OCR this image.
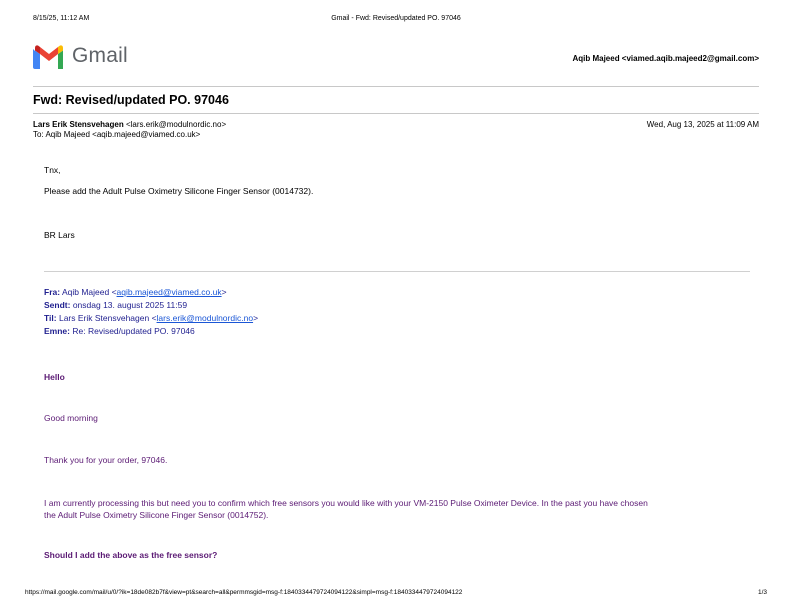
8/15/25, 11:12 AM	Gmail - Fwd: Revised/updated PO. 97046
Gmail	Aqib Majeed <viamed.aqib.majeed2@gmail.com>
Fwd: Revised/updated PO. 97046
Lars Erik Stensvehagen <lars.erik@modulnordic.no>
To: Aqib Majeed <aqib.majeed@viamed.co.uk>
Wed, Aug 13, 2025 at 11:09 AM
Tnx,
Please add the Adult Pulse Oximetry Silicone Finger Sensor (0014732).
BR Lars
Fra: Aqib Majeed <aqib.majeed@viamed.co.uk>
Sendt: onsdag 13. august 2025 11:59
Til: Lars Erik Stensvehagen <lars.erik@modulnordic.no>
Emne: Re: Revised/updated PO. 97046
Hello
Good morning
Thank you for your order, 97046.
I am currently processing this but need you to confirm which free sensors you would like with your VM-2150 Pulse Oximeter Device. In the past you have chosen
the Adult Pulse Oximetry Silicone Finger Sensor (0014752).
Should I add the above as the free sensor?
https://mail.google.com/mail/u/0/?ik=18de082b7f&view=pt&search=all&permmsgid=msg-f:1840334479724094122&simpl=msg-f:1840334479724094122	1/3
